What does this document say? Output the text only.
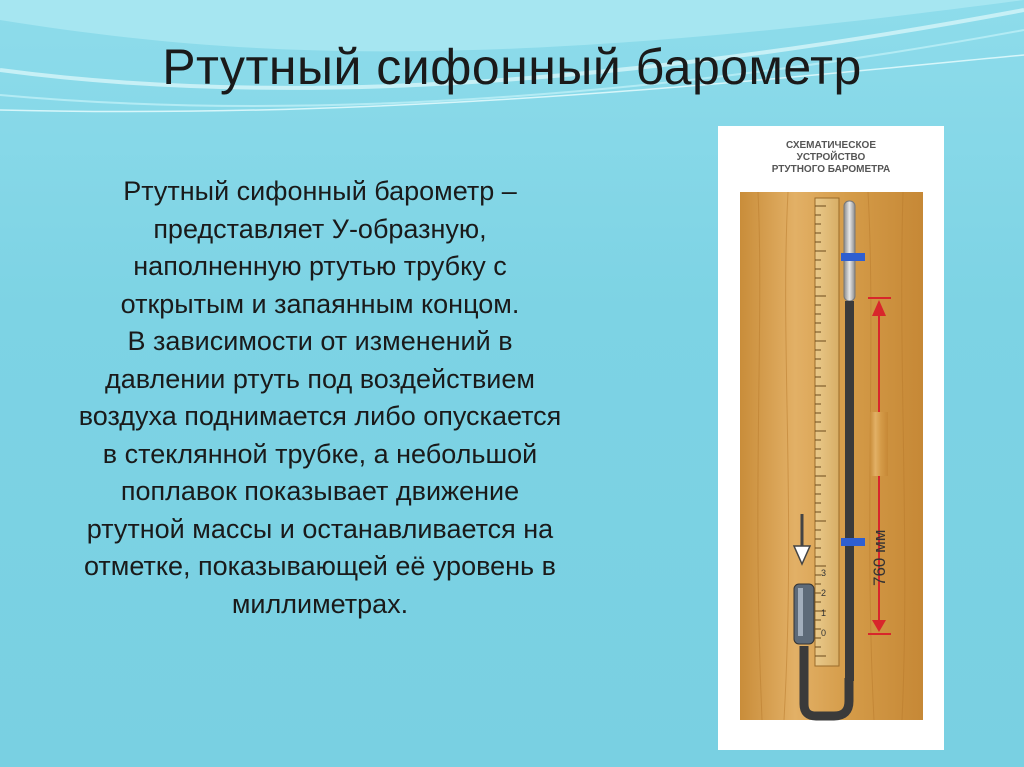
Ртутный сифонный барометр
Ртутный сифонный барометр –
представляет У-образную,
наполненную ртутью трубку с
открытым и запаянным концом.
В зависимости от изменений в
давлении ртуть под воздействием
воздуха поднимается либо опускается
в стеклянной трубке, а небольшой
поплавок показывает движение
ртутной массы и останавливается на
отметке, показывающей её уровень в
миллиметрах.
СХЕМАТИЧЕСКОЕ
УСТРОЙСТВО
РТУТНОГО БАРОМЕТРА
3
2
1
0
760 мм
